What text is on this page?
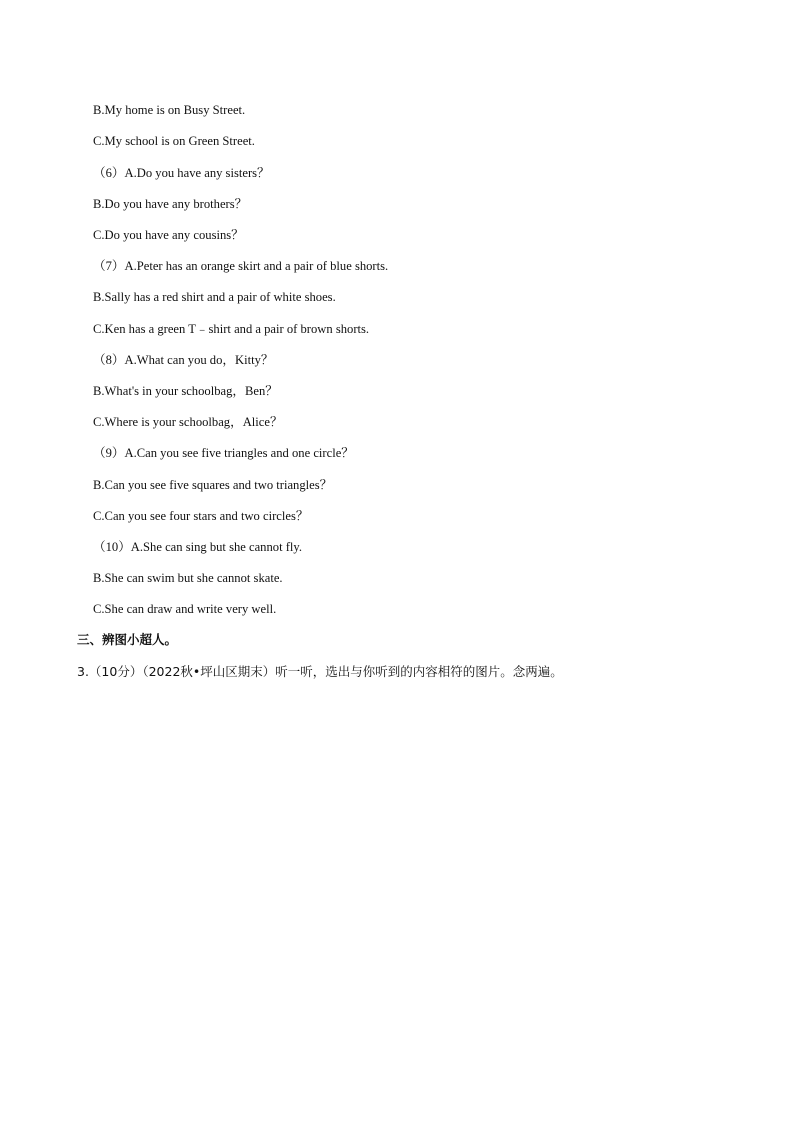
B.My home is on Busy Street.
C.My school is on Green Street.
（6）A.Do you have any sisters？
B.Do you have any brothers？
C.Do you have any cousins？
（7）A.Peter has an orange skirt and a pair of blue shorts.
B.Sally has a red shirt and a pair of white shoes.
C.Ken has a green T﹣shirt and a pair of brown shorts.
（8）A.What can you do，Kitty？
B.What's in your schoolbag，Ben？
C.Where is your schoolbag，Alice？
（9）A.Can you see five triangles and one circle？
B.Can you see five squares and two triangles？
C.Can you see four stars and two circles？
（10）A.She can sing but she cannot fly.
B.She can swim but she cannot skate.
C.She can draw and write very well.
三、辨图小超人。
3.（10分）（2022秋•坪山区期末）听一听，选出与你听到的内容相符的图片。念两遍。
